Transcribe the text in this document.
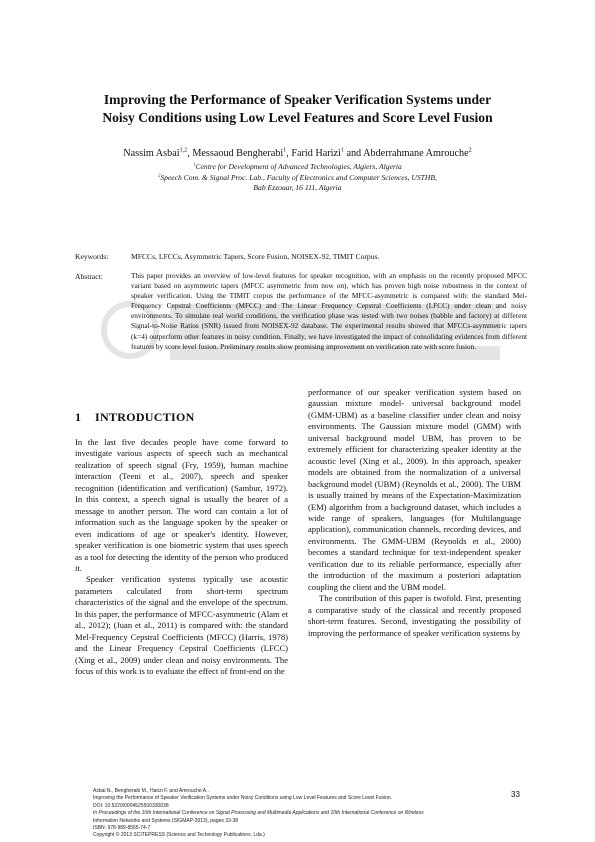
Improving the Performance of Speaker Verification Systems under
Noisy Conditions using Low Level Features and Score Level Fusion
Nassim Asbai$^{1,2}$, Messaoud Bengherabi$^1$, Farid Harizi$^1$ and Abderrahmane Amrouche$^2$
$^1$Centre for Development of Advanced Technologies, Algiers, Algeria
$^2$Speech Com. & Signal Proc. Lab., Faculty of Electronics and Computer Sciences, USTHB,
Bab Ezzouar, 16 111, Algeria
Keywords:	MFCCs, LFCCs, Asymmetric Tapers, Score Fusion, NOISEX-92, TIMIT Corpus.
Abstract:	This paper provides an overview of low-level features for speaker recognition, with an emphasis on the recently proposed MFCC variant based on asymmetric tapers (MFCC asymmetric from now on), which has proven high noise robustness in the context of speaker verification. Using the TIMIT corpus the performance of the MFCC-asymmetric is compared with: the standard Mel-Frequency Cepstral Coefficients (MFCC) and The Linear Frequency Cepstral Coefficients (LFCC) under clean and noisy environments. To simulate real world conditions, the verification phase was tested with two noises (babble and factory) at different Signal-to-Noise Ratios (SNR) issued from NOISEX-92 database. The experimental results showed that MFCCs-asymmetric tapers (k=4) outperform other features in noisy condition. Finally, we have investigated the impact of consolidating evidences from different features by score level fusion. Preliminary results show promising improvement on verification rate with score fusion.
1 INTRODUCTION

In the last five decades people have come forward to investigate various aspects of speech such as mechanical realization of speech signal (Fry, 1959), human machine interaction (Teeni et al., 2007), speech and speaker recognition (identification and verification) (Sambur, 1972). In this context, a speech signal is usually the bearer of a message to another person. The word can contain a lot of information such as the language spoken by the speaker or even indications of age or speaker's identity. However, speaker verification is one biometric system that uses speech as a tool for detecting the identity of the person who produced it.

Speaker verification systems typically use acoustic parameters calculated from short-term spectrum characteristics of the signal and the envelope of the spectrum. In this paper, the performance of MFCC-asymmetric (Alam et al., 2012); (Juan et al., 2011) is compared with: the standard Mel-Frequency Cepstral Coefficients (MFCC) (Harris, 1978) and the Linear Frequency Cepstral Coefficients (LFCC) (Xing et al., 2009) under clean and noisy environments. The focus of this work is to evaluate the effect of front-end on the

performance of our speaker verification system based on gaussian mixture model- universal background model (GMM-UBM) as a baseline classifier under clean and noisy environments. The Gaussian mixture model (GMM) with universal background model UBM, has proven to be extremely efficient for characterizing speaker identity at the acoustic level (Xing et al., 2009). In this approach, speaker models are obtained from the normalization of a universal background model (UBM) (Reynolds et al., 2000). The UBM is usually trained by means of the Expectation-Maximization (EM) algorithm from a background dataset, which includes a wide range of speakers, languages (for Multilanguage application), communication channels, recording devices, and environments. The GMM-UBM (Reynolds et al., 2000) becomes a standard technique for text-independent speaker verification due to its reliable performance, especially after the introduction of the maximum a posteriori adaptation coupling the client and the UBM model.

The contribution of this paper is twofold. First, presenting a comparative study of the classical and recently proposed short-term features. Second, investigating the possibility of improving the performance of speaker verification systems by

Asbai N., Bengherabi M., Harizi F. and Amrouche A..
Improving the Performance of Speaker Verification Systems under Noisy Conditions using Low Level Features and Score Level Fusion.
DOI: 10.5220/0004525500330038
In Proceedings of the 10th International Conference on Signal Processing and Multimedia Applications and 10th International Conference on Wireless
Information Networks and Systems (SIGMAP-2013), pages 33-38
ISBN: 978-989-8565-74-7
Copyright © 2013 SCITEPRESS (Science and Technology Publications, Lda.)
33
